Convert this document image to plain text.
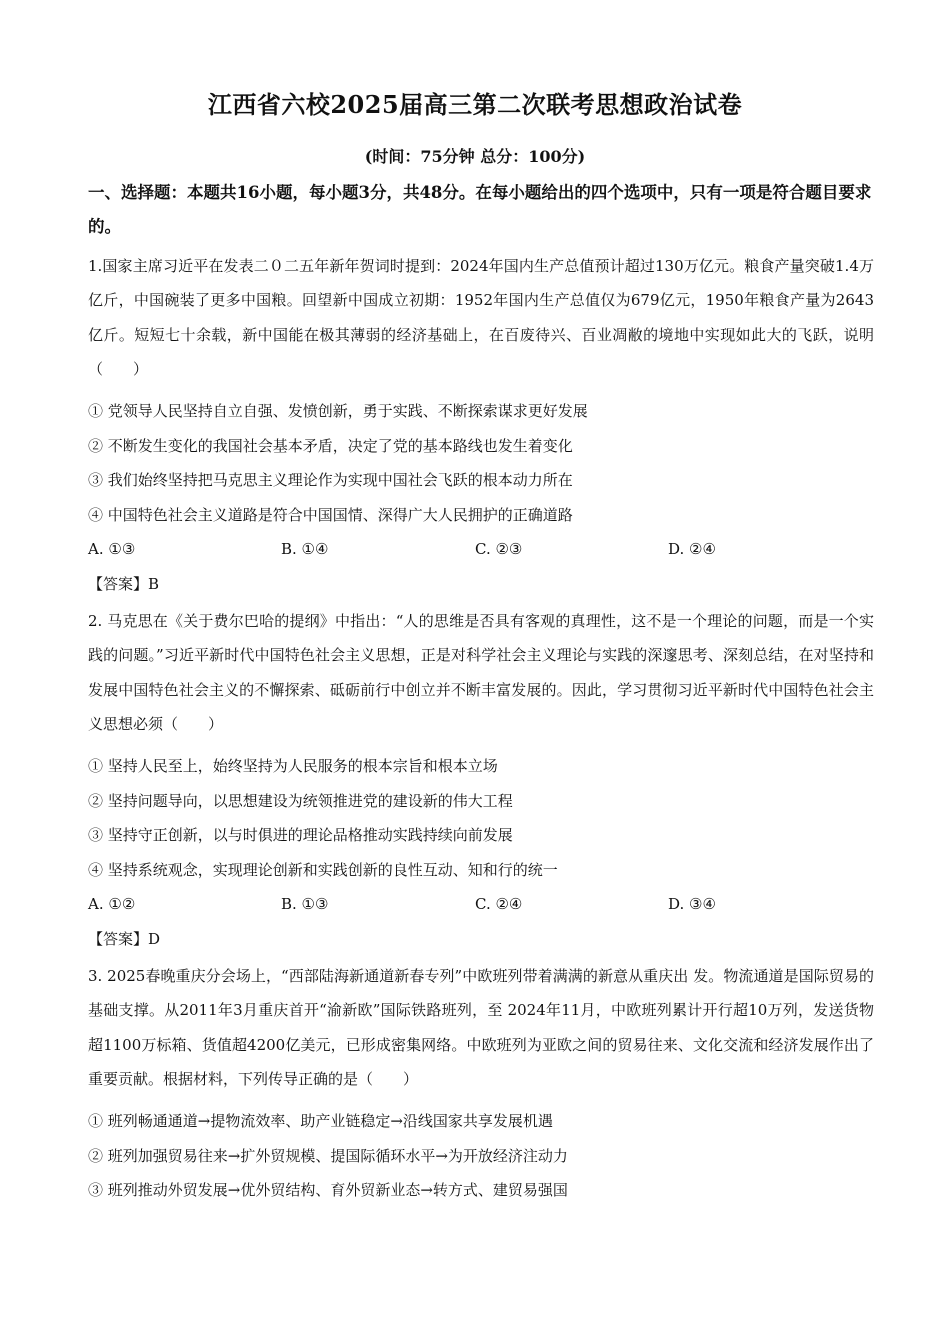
江西省六校2025届高三第二次联考思想政治试卷
(时间：75分钟 总分：100分)
一、选择题：本题共16小题，每小题3分，共48分。在每小题给出的四个选项中，只有一项是符合题目要求的。
1.国家主席习近平在发表二０二五年新年贺词时提到：2024年国内生产总值预计超过130万亿元。粮食产量突破1.4万亿斤，中国碗装了更多中国粮。回望新中国成立初期：1952年国内生产总值仅为679亿元，1950年粮食产量为2643亿斤。短短七十余载，新中国能在极其薄弱的经济基础上，在百废待兴、百业凋敝的境地中实现如此大的飞跃，说明（　　）
① 党领导人民坚持自立自强、发愤创新，勇于实践、不断探索谋求更好发展
② 不断发生变化的我国社会基本矛盾，决定了党的基本路线也发生着变化
③ 我们始终坚持把马克思主义理论作为实现中国社会飞跃的根本动力所在
④ 中国特色社会主义道路是符合中国国情、深得广大人民拥护的正确道路
A. ①③	B. ①④	C. ②③	D. ②④
【答案】B
2. 马克思在《关于费尔巴哈的提纲》中指出：“人的思维是否具有客观的真理性，这不是一个理论的问题，而是一个实践的问题。”习近平新时代中国特色社会主义思想，正是对科学社会主义理论与实践的深邃思考、深刻总结，在对坚持和发展中国特色社会主义的不懈探索、砥砺前行中创立并不断丰富发展的。因此，学习贯彻习近平新时代中国特色社会主义思想必须（　　）
① 坚持人民至上，始终坚持为人民服务的根本宗旨和根本立场
② 坚持问题导向，以思想建设为统领推进党的建设新的伟大工程
③ 坚持守正创新，以与时俱进的理论品格推动实践持续向前发展
④ 坚持系统观念，实现理论创新和实践创新的良性互动、知和行的统一
A. ①②	B. ①③	C. ②④	D. ③④
【答案】D
3. 2025春晚重庆分会场上，“西部陆海新通道新春专列”中欧班列带着满满的新意从重庆出 发。物流通道是国际贸易的基础支撑。从2011年3月重庆首开“渝新欧”国际铁路班列，至 2024年11月，中欧班列累计开行超10万列，发送货物超1100万标箱、货值超4200亿美元，已形成密集网络。中欧班列为亚欧之间的贸易往来、文化交流和经济发展作出了重要贡献。根据材料，下列传导正确的是（　　）
① 班列畅通通道→提物流效率、助产业链稳定→沿线国家共享发展机遇
② 班列加强贸易往来→扩外贸规模、提国际循环水平→为开放经济注动力
③ 班列推动外贸发展→优外贸结构、育外贸新业态→转方式、建贸易强国
